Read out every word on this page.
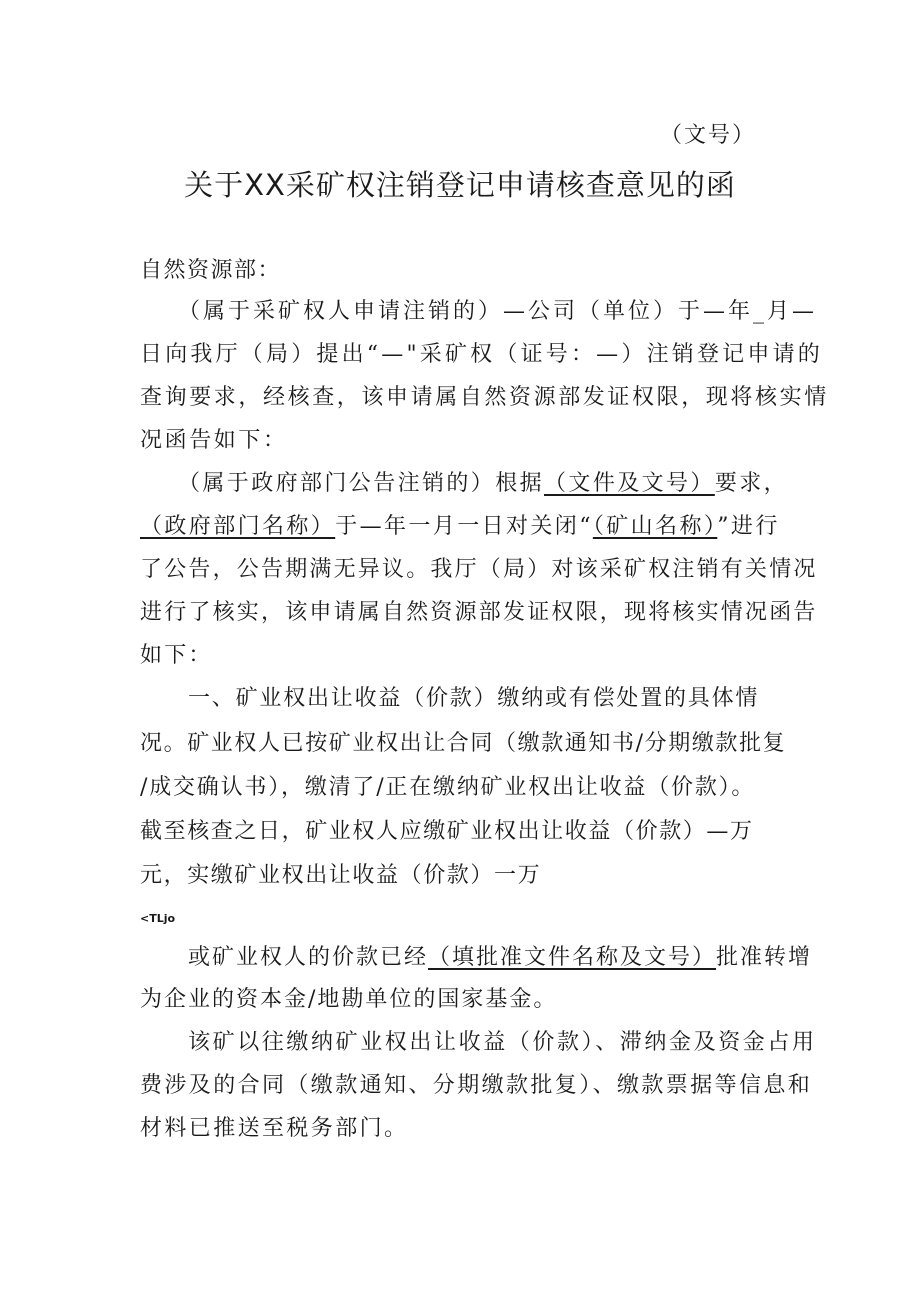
（文号）
关于XX采矿权注销登记申请核查意见的函
自然资源部：
（属于采矿权人申请注销的）—公司（单位）于—年_月—
日向我厅（局）提出“—"采矿权（证号：—）注销登记申请的
查询要求，经核查，该申请属自然资源部发证权限，现将核实情
况函告如下：
（属于政府部门公告注销的）根据（文件及文号）要求，
（政府部门名称）于—年一月一日对关闭“（矿山名称）”进行
了公告，公告期满无异议。我厅（局）对该采矿权注销有关情况
进行了核实，该申请属自然资源部发证权限，现将核实情况函告
如下：
一、矿业权出让收益（价款）缴纳或有偿处置的具体情
况。矿业权人已按矿业权出让合同（缴款通知书/分期缴款批复
/成交确认书），缴清了/正在缴纳矿业权出让收益（价款）。
截至核查之日，矿业权人应缴矿业权出让收益（价款）—万
元，实缴矿业权出让收益（价款）一万
<TLjo
或矿业权人的价款已经（填批准文件名称及文号）批准转增
为企业的资本金/地勘单位的国家基金。
该矿以往缴纳矿业权出让收益（价款）、滞纳金及资金占用
费涉及的合同（缴款通知、分期缴款批复）、缴款票据等信息和
材料已推送至税务部门。
